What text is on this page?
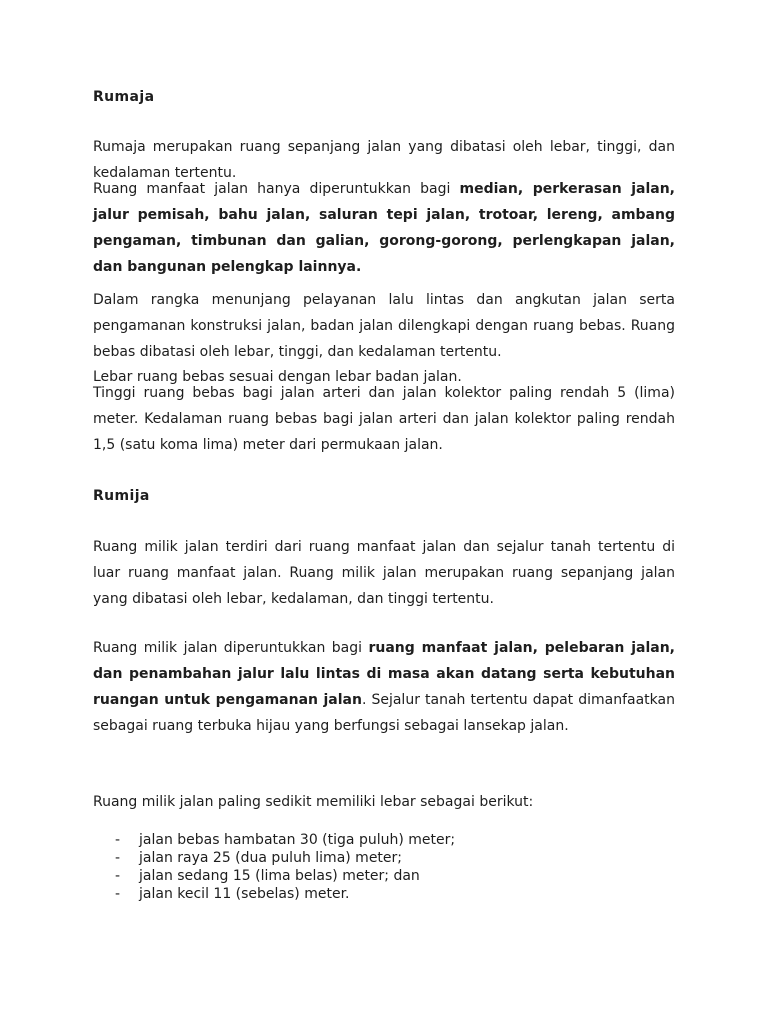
Rumaja

Rumaja merupakan ruang sepanjang jalan yang dibatasi oleh lebar, tinggi, dan kedalaman tertentu.

Ruang manfaat jalan hanya diperuntukkan bagi median, perkerasan jalan, jalur pemisah, bahu jalan, saluran tepi jalan, trotoar, lereng, ambang pengaman, timbunan dan galian, gorong-gorong, perlengkapan jalan, dan bangunan pelengkap lainnya.

Dalam rangka menunjang pelayanan lalu lintas dan angkutan jalan serta pengamanan konstruksi jalan, badan jalan dilengkapi dengan ruang bebas. Ruang bebas dibatasi oleh lebar, tinggi, dan kedalaman tertentu.

Lebar ruang bebas sesuai dengan lebar badan jalan.

Tinggi ruang bebas bagi jalan arteri dan jalan kolektor paling rendah 5 (lima) meter. Kedalaman ruang bebas bagi jalan arteri dan jalan kolektor paling rendah 1,5 (satu koma lima) meter dari permukaan jalan.

Rumija

Ruang milik jalan terdiri dari ruang manfaat jalan dan sejalur tanah tertentu di luar ruang manfaat jalan. Ruang milik jalan merupakan ruang sepanjang jalan yang dibatasi oleh lebar, kedalaman, dan tinggi tertentu.

Ruang milik jalan diperuntukkan bagi ruang manfaat jalan, pelebaran jalan, dan penambahan jalur lalu lintas di masa akan datang serta kebutuhan ruangan untuk pengamanan jalan. Sejalur tanah tertentu dapat dimanfaatkan sebagai ruang terbuka hijau yang berfungsi sebagai lansekap jalan.

Ruang milik jalan paling sedikit memiliki lebar sebagai berikut:

- jalan bebas hambatan 30 (tiga puluh) meter;
- jalan raya 25 (dua puluh lima) meter;
- jalan sedang 15 (lima belas) meter; dan
- jalan kecil 11 (sebelas) meter.
